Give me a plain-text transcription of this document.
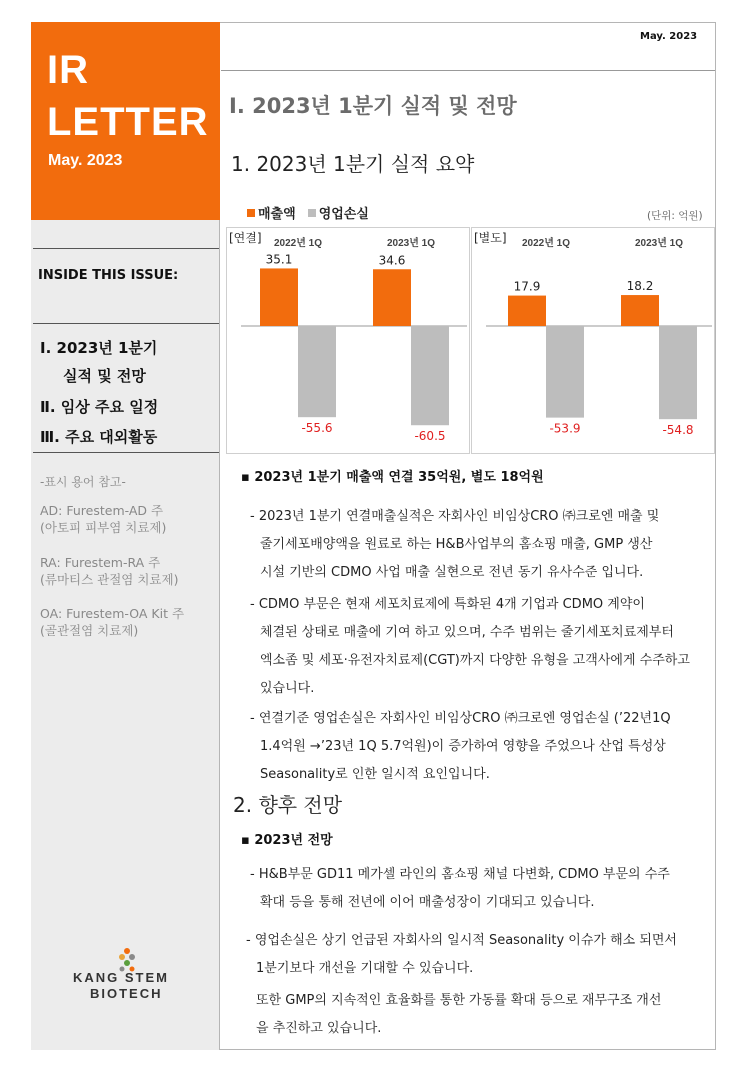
IR
LETTER
May. 2023
INSIDE THIS ISSUE:
Ⅰ. 2023년 1분기
실적 및 전망
Ⅱ. 임상 주요 일정
Ⅲ. 주요 대외활동
-표시 용어 참고-
AD: Furestem-AD 주
(아토피 피부염 치료제)
RA: Furestem-RA 주
(류마티스 관절염 치료제)
OA: Furestem-OA Kit 주
(골관절염 치료제)
KANG STEM
BIOTECH
May. 2023
Ⅰ. 2023년 1분기 실적 및 전망
1. 2023년 1분기 실적 요약
매출액 영업손실	(단위: 억원)
[연결] 2022년 1Q
35.1
-55.6
2023년 1Q
34.6
-60.5
[별도] 2022년 1Q
17.9
-53.9
2023년 1Q
18.2
-54.8
▪ 2023년 1분기 매출액 연결 35억원, 별도 18억원
- 2023년 1분기 연결매출실적은 자회사인 비임상CRO ㈜크로엔 매출 및
줄기세포배양액을 원료로 하는 H&B사업부의 홈쇼핑 매출, GMP 생산
시설 기반의 CDMO 사업 매출 실현으로 전년 동기 유사수준 입니다.
- CDMO 부문은 현재 세포치료제에 특화된 4개 기업과 CDMO 계약이
체결된 상태로 매출에 기여 하고 있으며, 수주 범위는 줄기세포치료제부터
엑소좀 및 세포·유전자치료제(CGT)까지 다양한 유형을 고객사에게 수주하고
있습니다.
- 연결기준 영업손실은 자회사인 비임상CRO ㈜크로엔 영업손실 (’22년1Q
1.4억원 →’23년 1Q 5.7억원)이 증가하여 영향을 주었으나 산업 특성상
Seasonality로 인한 일시적 요인입니다.
2. 향후 전망
▪ 2023년 전망
- H&B부문 GD11 메가셀 라인의 홈쇼핑 채널 다변화, CDMO 부문의 수주
확대 등을 통해 전년에 이어 매출성장이 기대되고 있습니다.
- 영업손실은 상기 언급된 자회사의 일시적 Seasonality 이슈가 해소 되면서
1분기보다 개선을 기대할 수 있습니다.
또한 GMP의 지속적인 효율화를 통한 가동률 확대 등으로 재무구조 개선
을 추진하고 있습니다.
